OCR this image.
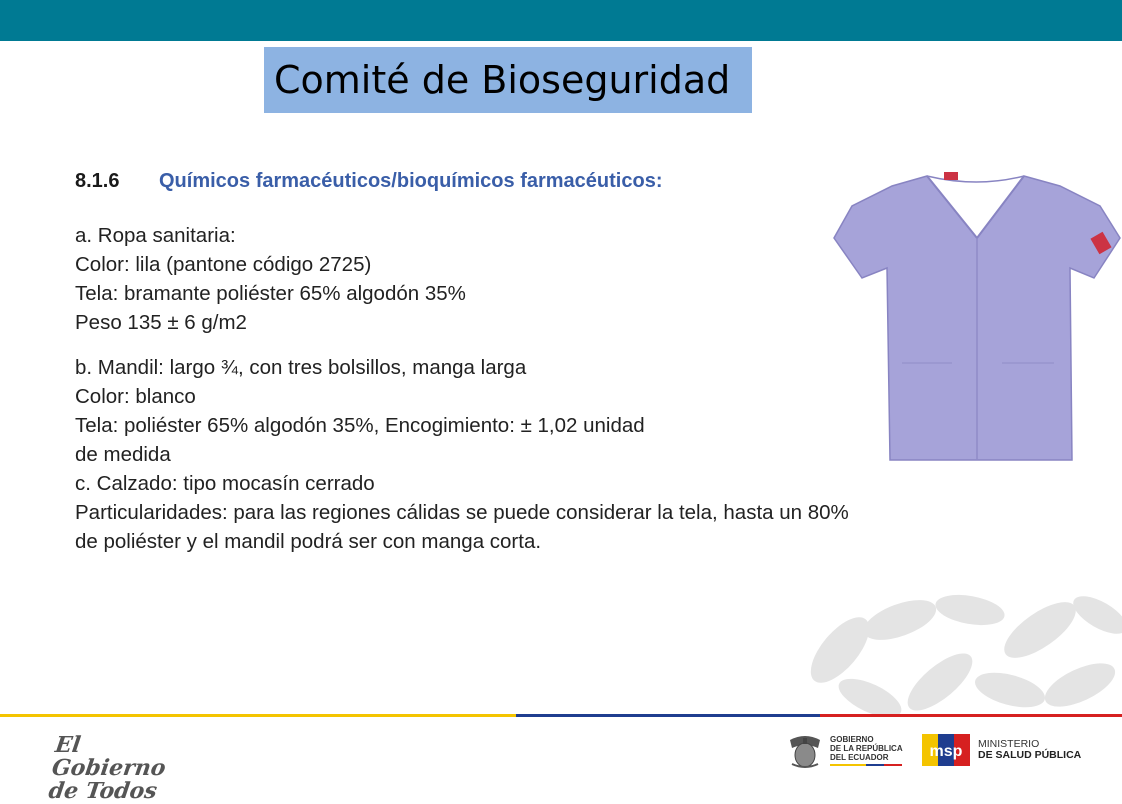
Comité de Bioseguridad
8.1.6 Químicos farmacéuticos/bioquímicos farmacéuticos:
a. Ropa sanitaria:
Color: lila (pantone código 2725)
Tela: bramante poliéster 65% algodón 35%
Peso 135 ± 6 g/m2
b. Mandil: largo ¾, con tres bolsillos, manga larga
Color: blanco
Tela: poliéster 65% algodón 35%, Encogimiento: ± 1,02 unidad
de medida
c. Calzado: tipo mocasín cerrado
Particularidades: para las regiones cálidas se puede considerar la tela, hasta un 80%
de poliéster y el mandil podrá ser con manga corta.
El Gobierno
de Todos
GOBIERNO
DE LA REPÚBLICA
DEL ECUADOR	msp MINISTERIO
DE SALUD PÚBLICA
